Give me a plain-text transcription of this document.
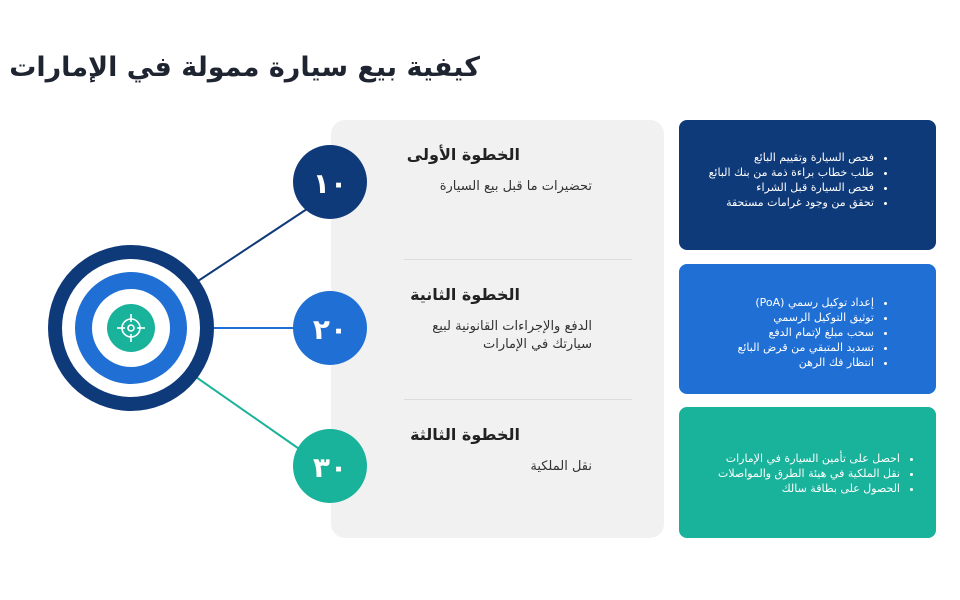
كيفية بيع سيارة ممولة في الإمارات
الخطوة الأولى
تحضيرات ما قبل بيع السيارة
الخطوة الثانية
الدفع والإجراءات القانونية لبيع سيارتك في الإمارات
الخطوة الثالثة
نقل الملكية
١٠
٢٠
٣٠
• فحص السيارة وتقييم البائع
• طلب خطاب براءة ذمة من بنك البائع
• فحص السيارة قبل الشراء
• تحقق من وجود غرامات مستحقة
• إعداد توكيل رسمي (PoA)
• توثيق التوكيل الرسمي
• سحب مبلغ لإتمام الدفع
• تسديد المتبقي من قرض البائع
• انتظار فك الرهن
• احصل على تأمين السيارة في الإمارات
• نقل الملكية في هيئة الطرق والمواصلات
• الحصول على بطاقة سالك
